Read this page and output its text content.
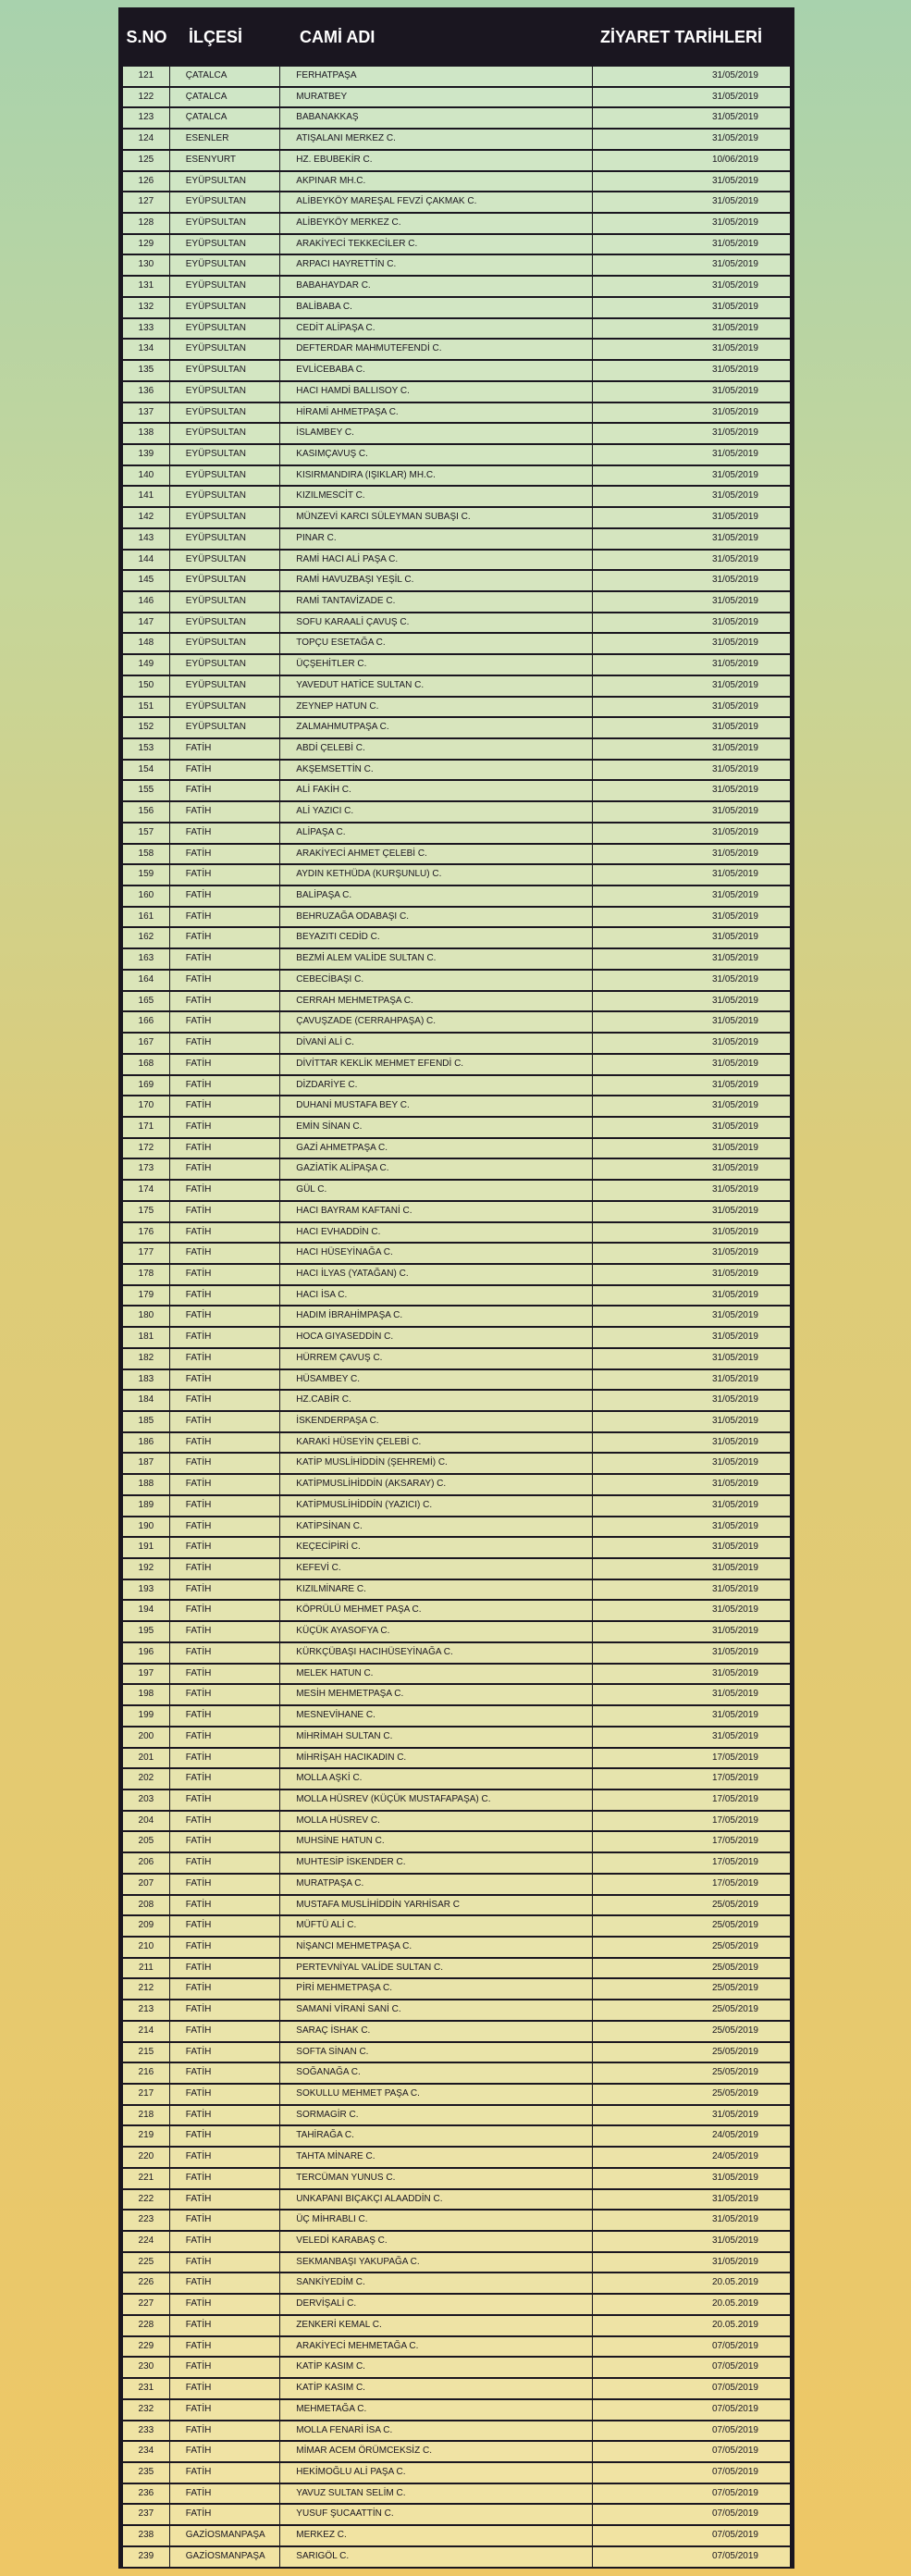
S.NO	İLÇESİ	CAMİ ADI	ZİYARET TARİHLERİ
121	ÇATALCA	FERHATPAŞA	31/05/2019
122	ÇATALCA	MURATBEY	31/05/2019
123	ÇATALCA	BABANAKKAŞ	31/05/2019
124	ESENLER	ATIŞALANI MERKEZ C.	31/05/2019
125	ESENYURT	HZ. EBUBEKİR C.	10/06/2019
126	EYÜPSULTAN	AKPINAR MH.C.	31/05/2019
127	EYÜPSULTAN	ALİBEYKÖY MAREŞAL FEVZİ ÇAKMAK C.	31/05/2019
128	EYÜPSULTAN	ALİBEYKÖY MERKEZ C.	31/05/2019
129	EYÜPSULTAN	ARAKİYECİ TEKKECİLER C.	31/05/2019
130	EYÜPSULTAN	ARPACI HAYRETTİN C.	31/05/2019
131	EYÜPSULTAN	BABAHAYDAR C.	31/05/2019
132	EYÜPSULTAN	BALİBABA C.	31/05/2019
133	EYÜPSULTAN	CEDİT ALİPAŞA C.	31/05/2019
134	EYÜPSULTAN	DEFTERDAR MAHMUTEFENDİ C.	31/05/2019
135	EYÜPSULTAN	EVLİCEBABA C.	31/05/2019
136	EYÜPSULTAN	HACI HAMDİ BALLISOY C.	31/05/2019
137	EYÜPSULTAN	HİRAMİ AHMETPAŞA C.	31/05/2019
138	EYÜPSULTAN	İSLAMBEY C.	31/05/2019
139	EYÜPSULTAN	KASIMÇAVUŞ C.	31/05/2019
140	EYÜPSULTAN	KISIRMANDIRA (IŞIKLAR) MH.C.	31/05/2019
141	EYÜPSULTAN	KIZILMESCİT C.	31/05/2019
142	EYÜPSULTAN	MÜNZEVİ KARCI SÜLEYMAN SUBAŞI C.	31/05/2019
143	EYÜPSULTAN	PINAR C.	31/05/2019
144	EYÜPSULTAN	RAMİ HACI ALİ PAŞA C.	31/05/2019
145	EYÜPSULTAN	RAMİ HAVUZBAŞI YEŞİL C.	31/05/2019
146	EYÜPSULTAN	RAMİ TANTAVİZADE C.	31/05/2019
147	EYÜPSULTAN	SOFU KARAALİ ÇAVUŞ C.	31/05/2019
148	EYÜPSULTAN	TOPÇU ESETAĞA C.	31/05/2019
149	EYÜPSULTAN	ÜÇŞEHİTLER C.	31/05/2019
150	EYÜPSULTAN	YAVEDUT HATİCE SULTAN C.	31/05/2019
151	EYÜPSULTAN	ZEYNEP HATUN C.	31/05/2019
152	EYÜPSULTAN	ZALMAHMUTPAŞA C.	31/05/2019
153	FATİH	ABDİ ÇELEBİ C.	31/05/2019
154	FATİH	AKŞEMSETTİN C.	31/05/2019
155	FATİH	ALİ FAKİH C.	31/05/2019
156	FATİH	ALİ YAZICI C.	31/05/2019
157	FATİH	ALİPAŞA C.	31/05/2019
158	FATİH	ARAKİYECİ AHMET ÇELEBİ C.	31/05/2019
159	FATİH	AYDIN KETHÜDA (KURŞUNLU) C.	31/05/2019
160	FATİH	BALİPAŞA C.	31/05/2019
161	FATİH	BEHRUZAĞA ODABAŞI C.	31/05/2019
162	FATİH	BEYAZITI CEDİD C.	31/05/2019
163	FATİH	BEZMİ ALEM VALİDE SULTAN C.	31/05/2019
164	FATİH	CEBECİBAŞI C.	31/05/2019
165	FATİH	CERRAH MEHMETPAŞA C.	31/05/2019
166	FATİH	ÇAVUŞZADE (CERRAHPAŞA) C.	31/05/2019
167	FATİH	DİVANİ ALİ C.	31/05/2019
168	FATİH	DİVİTTAR KEKLİK MEHMET EFENDİ C.	31/05/2019
169	FATİH	DİZDARİYE C.	31/05/2019
170	FATİH	DUHANİ MUSTAFA BEY C.	31/05/2019
171	FATİH	EMİN SİNAN C.	31/05/2019
172	FATİH	GAZİ AHMETPAŞA C.	31/05/2019
173	FATİH	GAZİATİK ALİPAŞA C.	31/05/2019
174	FATİH	GÜL C.	31/05/2019
175	FATİH	HACI BAYRAM KAFTANİ C.	31/05/2019
176	FATİH	HACI EVHADDİN C.	31/05/2019
177	FATİH	HACI HÜSEYİNAĞA C.	31/05/2019
178	FATİH	HACI İLYAS (YATAĞAN) C.	31/05/2019
179	FATİH	HACI İSA C.	31/05/2019
180	FATİH	HADIM İBRAHİMPAŞA C.	31/05/2019
181	FATİH	HOCA GIYASEDDİN C.	31/05/2019
182	FATİH	HÜRREM ÇAVUŞ C.	31/05/2019
183	FATİH	HÜSAMBEY C.	31/05/2019
184	FATİH	HZ.CABİR C.	31/05/2019
185	FATİH	İSKENDERPAŞA C.	31/05/2019
186	FATİH	KARAKİ HÜSEYİN ÇELEBİ C.	31/05/2019
187	FATİH	KATİP MUSLİHİDDİN (ŞEHREMİ) C.	31/05/2019
188	FATİH	KATİPMUSLİHİDDİN (AKSARAY) C.	31/05/2019
189	FATİH	KATİPMUSLİHİDDİN (YAZICI) C.	31/05/2019
190	FATİH	KATİPSİNAN C.	31/05/2019
191	FATİH	KEÇECİPİRİ C.	31/05/2019
192	FATİH	KEFEVİ C.	31/05/2019
193	FATİH	KIZILMİNARE C.	31/05/2019
194	FATİH	KÖPRÜLÜ MEHMET PAŞA C.	31/05/2019
195	FATİH	KÜÇÜK AYASOFYA C.	31/05/2019
196	FATİH	KÜRKÇÜBAŞI HACIHÜSEYİNAĞA C.	31/05/2019
197	FATİH	MELEK HATUN C.	31/05/2019
198	FATİH	MESİH MEHMETPAŞA C.	31/05/2019
199	FATİH	MESNEVİHANE C.	31/05/2019
200	FATİH	MİHRİMAH SULTAN C.	31/05/2019
201	FATİH	MİHRİŞAH HACIKADIN C.	17/05/2019
202	FATİH	MOLLA AŞKİ C.	17/05/2019
203	FATİH	MOLLA HÜSREV (KÜÇÜK MUSTAFAPAŞA) C.	17/05/2019
204	FATİH	MOLLA HÜSREV C.	17/05/2019
205	FATİH	MUHSİNE HATUN C.	17/05/2019
206	FATİH	MUHTESİP İSKENDER C.	17/05/2019
207	FATİH	MURATPAŞA C.	17/05/2019
208	FATİH	MUSTAFA MUSLİHİDDİN YARHİSAR C	25/05/2019
209	FATİH	MÜFTÜ ALİ C.	25/05/2019
210	FATİH	NİŞANCI MEHMETPAŞA C.	25/05/2019
211	FATİH	PERTEVNİYAL VALİDE SULTAN C.	25/05/2019
212	FATİH	PİRİ MEHMETPAŞA C.	25/05/2019
213	FATİH	SAMANİ VİRANİ SANİ C.	25/05/2019
214	FATİH	SARAÇ İSHAK C.	25/05/2019
215	FATİH	SOFTA SİNAN C.	25/05/2019
216	FATİH	SOĞANAĞA C.	25/05/2019
217	FATİH	SOKULLU MEHMET PAŞA C.	25/05/2019
218	FATİH	SORMAGİR C.	31/05/2019
219	FATİH	TAHİRAĞA C.	24/05/2019
220	FATİH	TAHTA MİNARE C.	24/05/2019
221	FATİH	TERCÜMAN YUNUS C.	31/05/2019
222	FATİH	UNKAPANI BIÇAKÇI ALAADDİN C.	31/05/2019
223	FATİH	ÜÇ MİHRABLI C.	31/05/2019
224	FATİH	VELEDİ KARABAŞ C.	31/05/2019
225	FATİH	SEKMANBAŞI YAKUPAĞA C.	31/05/2019
226	FATİH	SANKİYEDİM C.	20.05.2019
227	FATİH	DERVİŞALİ C.	20.05.2019
228	FATİH	ZENKERİ KEMAL C.	20.05.2019
229	FATİH	ARAKİYECİ MEHMETAĞA C.	07/05/2019
230	FATİH	KATİP KASIM C.	07/05/2019
231	FATİH	KATİP KASIM C.	07/05/2019
232	FATİH	MEHMETAĞA C.	07/05/2019
233	FATİH	MOLLA FENARİ İSA C.	07/05/2019
234	FATİH	MİMAR ACEM ÖRÜMCEKSİZ C.	07/05/2019
235	FATİH	HEKİMOĞLU ALİ PAŞA C.	07/05/2019
236	FATİH	YAVUZ SULTAN SELİM C.	07/05/2019
237	FATİH	YUSUF ŞUCAATTİN C.	07/05/2019
238	GAZİOSMANPAŞA	MERKEZ C.	07/05/2019
239	GAZİOSMANPAŞA	SARIGÖL C.	07/05/2019
